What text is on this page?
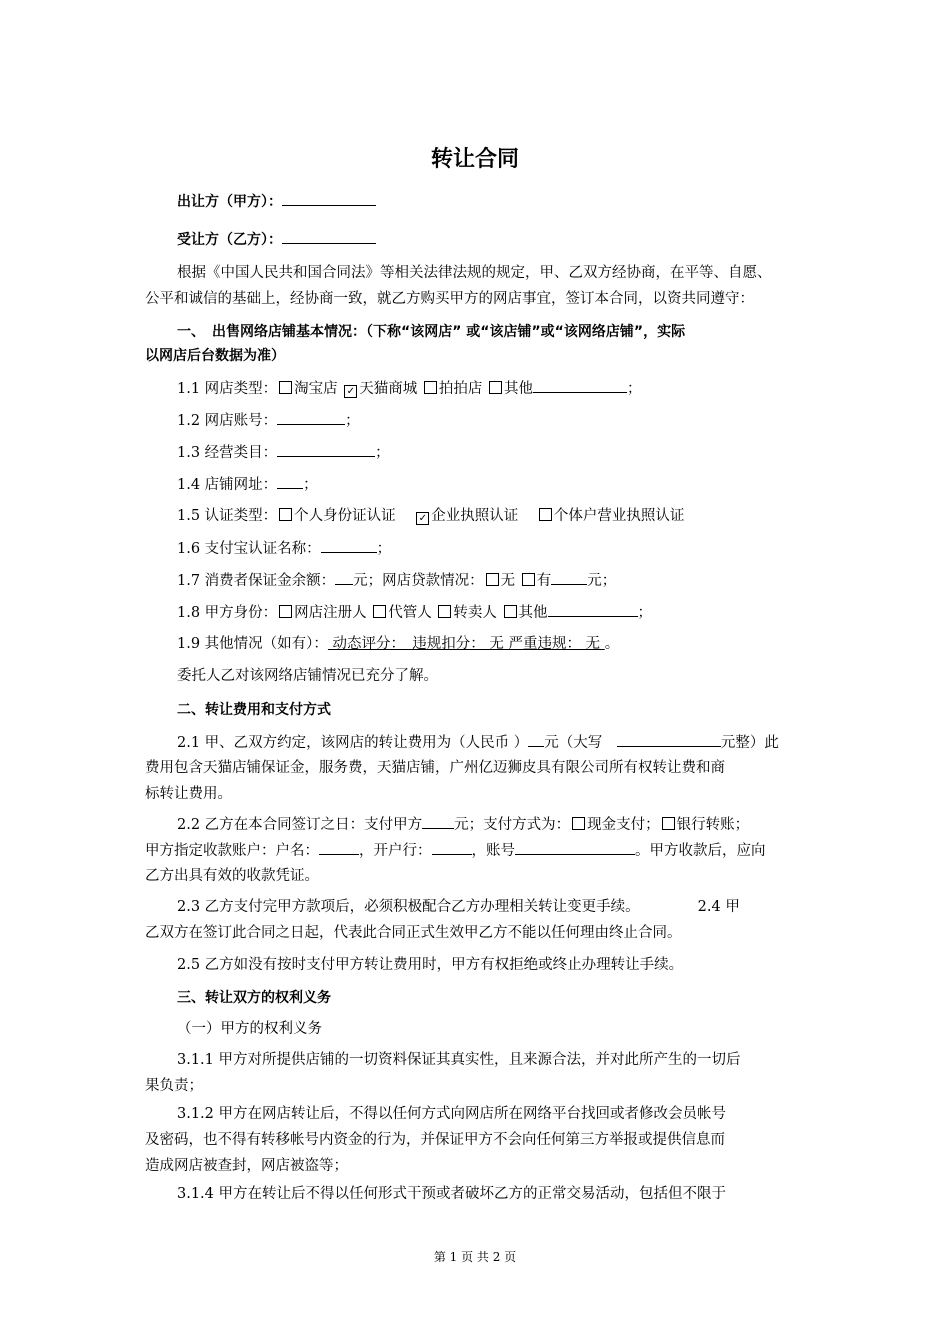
转让合同
出让方（甲方）：
受让方（乙方）：
根据《中国人民共和国合同法》等相关法律法规的规定，甲、乙双方经协商，在平等、自愿、
公平和诚信的基础上，经协商一致，就乙方购买甲方的网店事宜，签订本合同，以资共同遵守：
一、　出售网络店铺基本情况：（下称“该网店” 或“该店铺”或“该网络店铺”，实际
以网店后台数据为准）
1.1 网店类型： 淘宝店 ✓ 天猫商城 拍拍店 其他	；
1.2 网店账号：	；
1.3 经营类目：	；
1.4 店铺网址： ；
1.5 认证类型： 个人身份证认证 ✓ 企业执照认证 个体户营业执照认证
1.6 支付宝认证名称：	；
1.7 消费者保证金余额： 元；网店贷款情况： 无 有 元；
1.8 甲方身份： 网店注册人 代管人 转卖人 其他	；
1.9 其他情况（如有）： 动态评分：　违规扣分： 无 严重违规： 无 。
委托人乙对该网络店铺情况已充分了解。
二、转让费用和支付方式
2.1 甲、乙双方约定，该网店的转让费用为（人民币 ） 元（大写	元整）此
费用包含天猫店铺保证金，服务费，天猫店铺，广州亿迈狮皮具有限公司所有权转让费和商
标转让费用。
2.2 乙方在本合同签订之日：支付甲方 元；支付方式为： 现金支付； 银行转账；
甲方指定收款账户：户名：	，开户行：	，账号	。甲方收款后，应向
乙方出具有效的收款凭证。
2.3 乙方支付完甲方款项后，必须积极配合乙方办理相关转让变更手续。	2.4 甲
乙双方在签订此合同之日起，代表此合同正式生效甲乙方不能以任何理由终止合同。
2.5 乙方如没有按时支付甲方转让费用时，甲方有权拒绝或终止办理转让手续。
三、转让双方的权利义务
（一）甲方的权利义务
3.1.1 甲方对所提供店铺的一切资料保证其真实性，且来源合法，并对此所产生的一切后
果负责；
3.1.2 甲方在网店转让后，不得以任何方式向网店所在网络平台找回或者修改会员帐号
及密码，也不得有转移帐号内资金的行为，并保证甲方不会向任何第三方举报或提供信息而
造成网店被查封，网店被盗等；
3.1.4 甲方在转让后不得以任何形式干预或者破坏乙方的正常交易活动，包括但不限于
第 1 页 共 2 页
